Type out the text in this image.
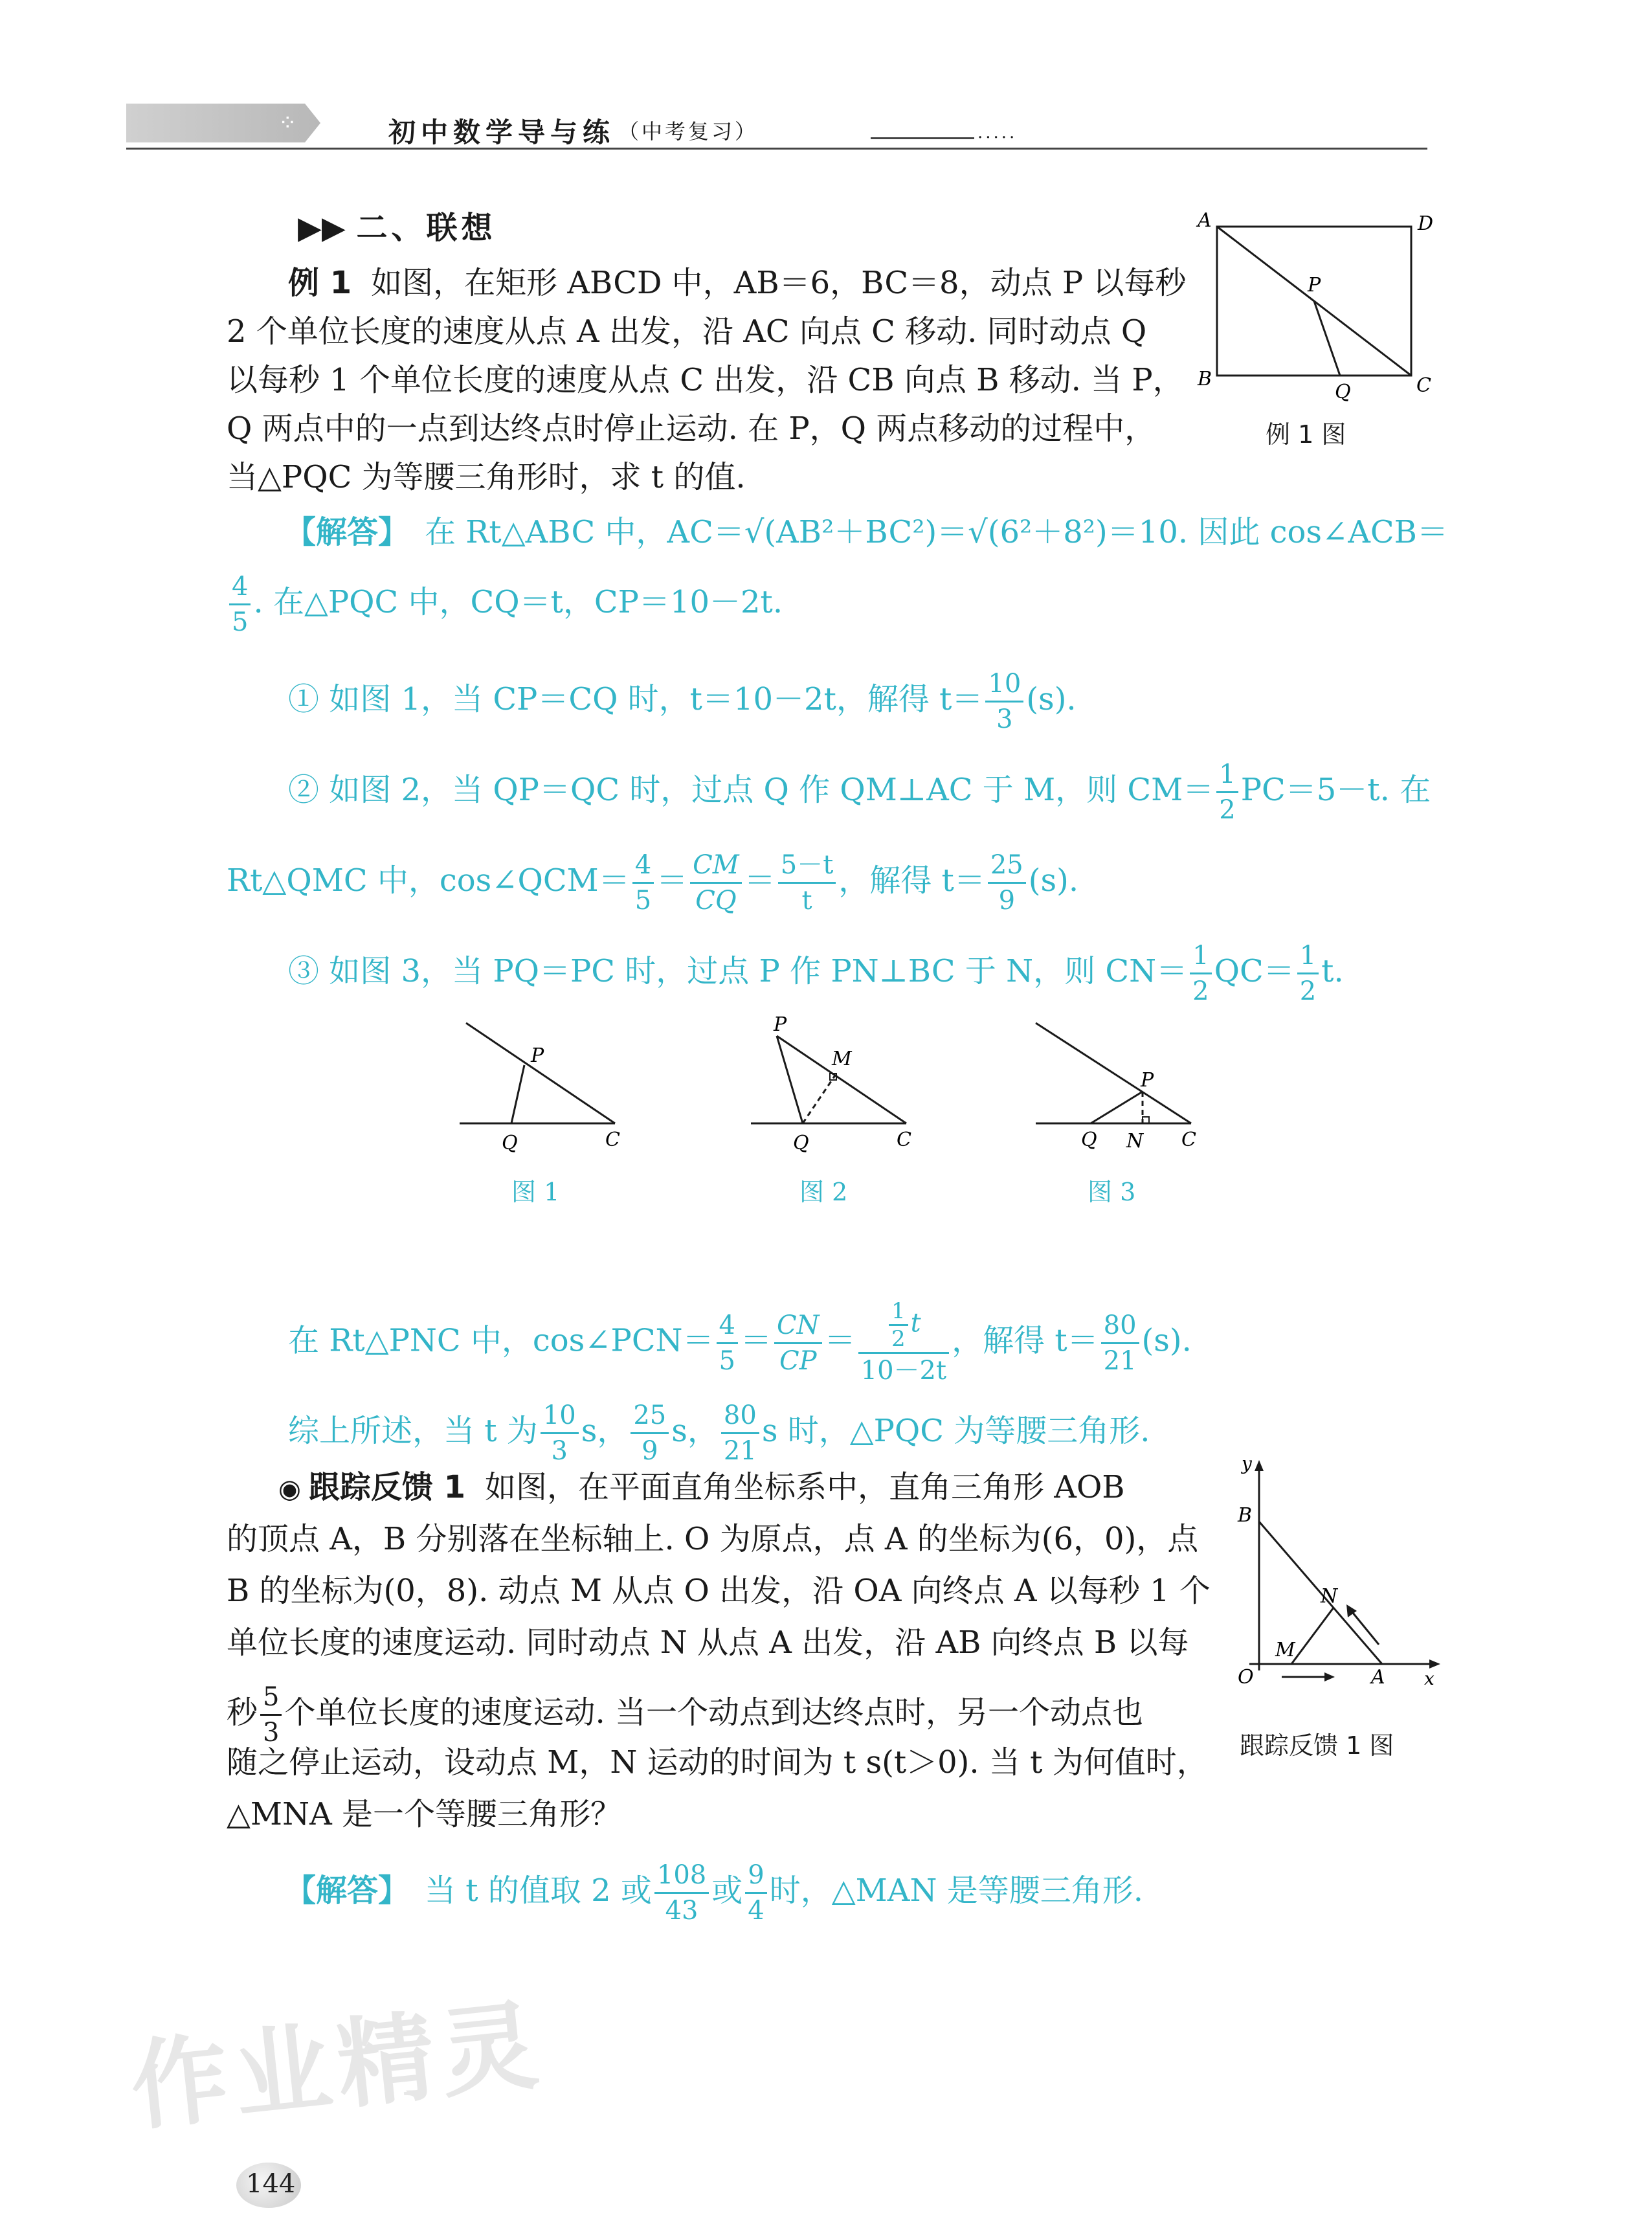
⁘	初中数学导与练 （中考复习）	.....
▶▶ 二、联想
例 1 如图，在矩形 ABCD 中，AB＝6，BC＝8，动点 P 以每秒
2 个单位长度的速度从点 A 出发，沿 AC 向点 C 移动. 同时动点 Q
以每秒 1 个单位长度的速度从点 C 出发，沿 CB 向点 B 移动. 当 P，
Q 两点中的一点到达终点时停止运动. 在 P，Q 两点移动的过程中，
当△PQC 为等腰三角形时，求 t 的值.
A	D
P
B
Q	C
例 1 图
【解答】 在 Rt△ABC 中，AC＝√(AB²＋BC²)＝√(6²＋8²)＝10. 因此 cos∠ACB＝
$\frac{4}{5}$ . 在△PQC 中，CQ＝t，CP＝10－2t.
① 如图 1，当 CP＝CQ 时，t＝10－2t，解得 $t= \frac{10}{3} (s)$.
② 如图 2，当 QP＝QC 时，过点 Q 作 QM⊥AC 于 M，则 $CM= \frac{1}{2} PC=5-t$. 在
Rt△QMC 中，cos∠QCM＝ $\frac{4}{5} = \frac{CM}{CQ} = \frac{5-t}{t}$ ，解得 $t= \frac{25}{9} (s)$.
③ 如图 3，当 PQ＝PC 时，过点 P 作 PN⊥BC 于 N，则 $CN= \frac{1}{2} QC= \frac{1}{2} t$.
P
Q	C
图 1
P
M
Q	C
图 2
P
Q N C
图 3
在 Rt△PNC 中，cos∠PCN＝ $\frac{4}{5} = \frac{CN}{CP} = \frac{\frac{1}{2} t}{10-2t}$ ，解得 $t= \frac{80}{21} (s)$.
综上所述，当 t 为 $\frac{10}{3}$ s， $\frac{25}{9}$ s， $\frac{80}{21}$ s 时，△PQC 为等腰三角形.
◉ 跟踪反馈 1 如图，在平面直角坐标系中，直角三角形 AOB
的顶点 A，B 分别落在坐标轴上. O 为原点，点 A 的坐标为(6，0)，点
B 的坐标为(0，8). 动点 M 从点 O 出发，沿 OA 向终点 A 以每秒 1 个
单位长度的速度运动. 同时动点 N 从点 A 出发，沿 AB 向终点 B 以每
秒 $\frac{5}{3}$ 个单位长度的速度运动. 当一个动点到达终点时，另一个动点也
随之停止运动，设动点 M，N 运动的时间为 t s(t＞0). 当 t 为何值时，
△MNA 是一个等腰三角形？
y
B
N
M
O	A x
跟踪反馈 1 图
【解答】 当 t 的值取 2 或 $\frac{108}{43}$ 或 $\frac{9}{4}$ 时，△MAN 是等腰三角形.
作业精灵
144
